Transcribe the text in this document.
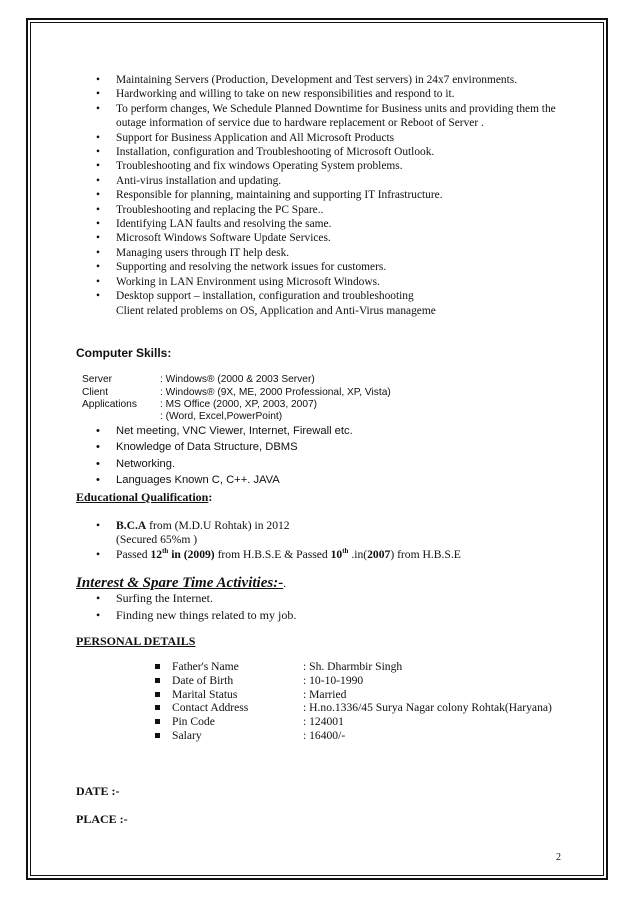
• Maintaining Servers (Production, Development and Test servers) in 24x7 environments.
• Hardworking and willing to take on new responsibilities and respond to it.
• To perform changes, We Schedule Planned Downtime for Business units and providing them the outage information of service due to hardware replacement or Reboot of Server .
• Support for Business Application and All Microsoft Products
• Installation, configuration and Troubleshooting of Microsoft Outlook.
• Troubleshooting and fix windows Operating System problems.
• Anti-virus installation and updating.
• Responsible for planning, maintaining and supporting IT Infrastructure.
• Troubleshooting and replacing the PC Spare..
• Identifying LAN faults and resolving the same.
• Microsoft Windows Software Update Services.
• Managing users through IT help desk.
• Supporting and resolving the network issues for customers.
• Working in LAN Environment using Microsoft Windows.
• Desktop support – installation, configuration and troubleshooting
Client related problems on OS, Application and Anti-Virus manageme
Computer Skills:
Server	: Windows® (2000 & 2003 Server)
Client	: Windows® (9X, ME, 2000 Professional, XP, Vista)
Applications : MS Office (2000, XP, 2003, 2007)
: (Word, Excel,PowerPoint)
• Net meeting, VNC Viewer, Internet, Firewall etc.
• Knowledge of Data Structure, DBMS
• Networking.
• Languages Known C, C++. JAVA
Educational Qualification:
• B.C.A from (M.D.U Rohtak) in 2012
(Secured 65%m )
• Passed 12th in (2009) from H.B.S.E & Passed 10th .in(2007) from H.B.S.E
Interest & Spare Time Activities:-.
• Surfing the Internet.
• Finding new things related to my job.
PERSONAL DETAILS
Father's Name	: Sh. Dharmbir Singh
Date of Birth	: 10-10-1990
Marital Status	: Married
Contact Address	: H.no.1336/45 Surya Nagar colony Rohtak(Haryana)
Pin Code	: 124001
Salary	: 16400/-
DATE :-
PLACE :-
2
